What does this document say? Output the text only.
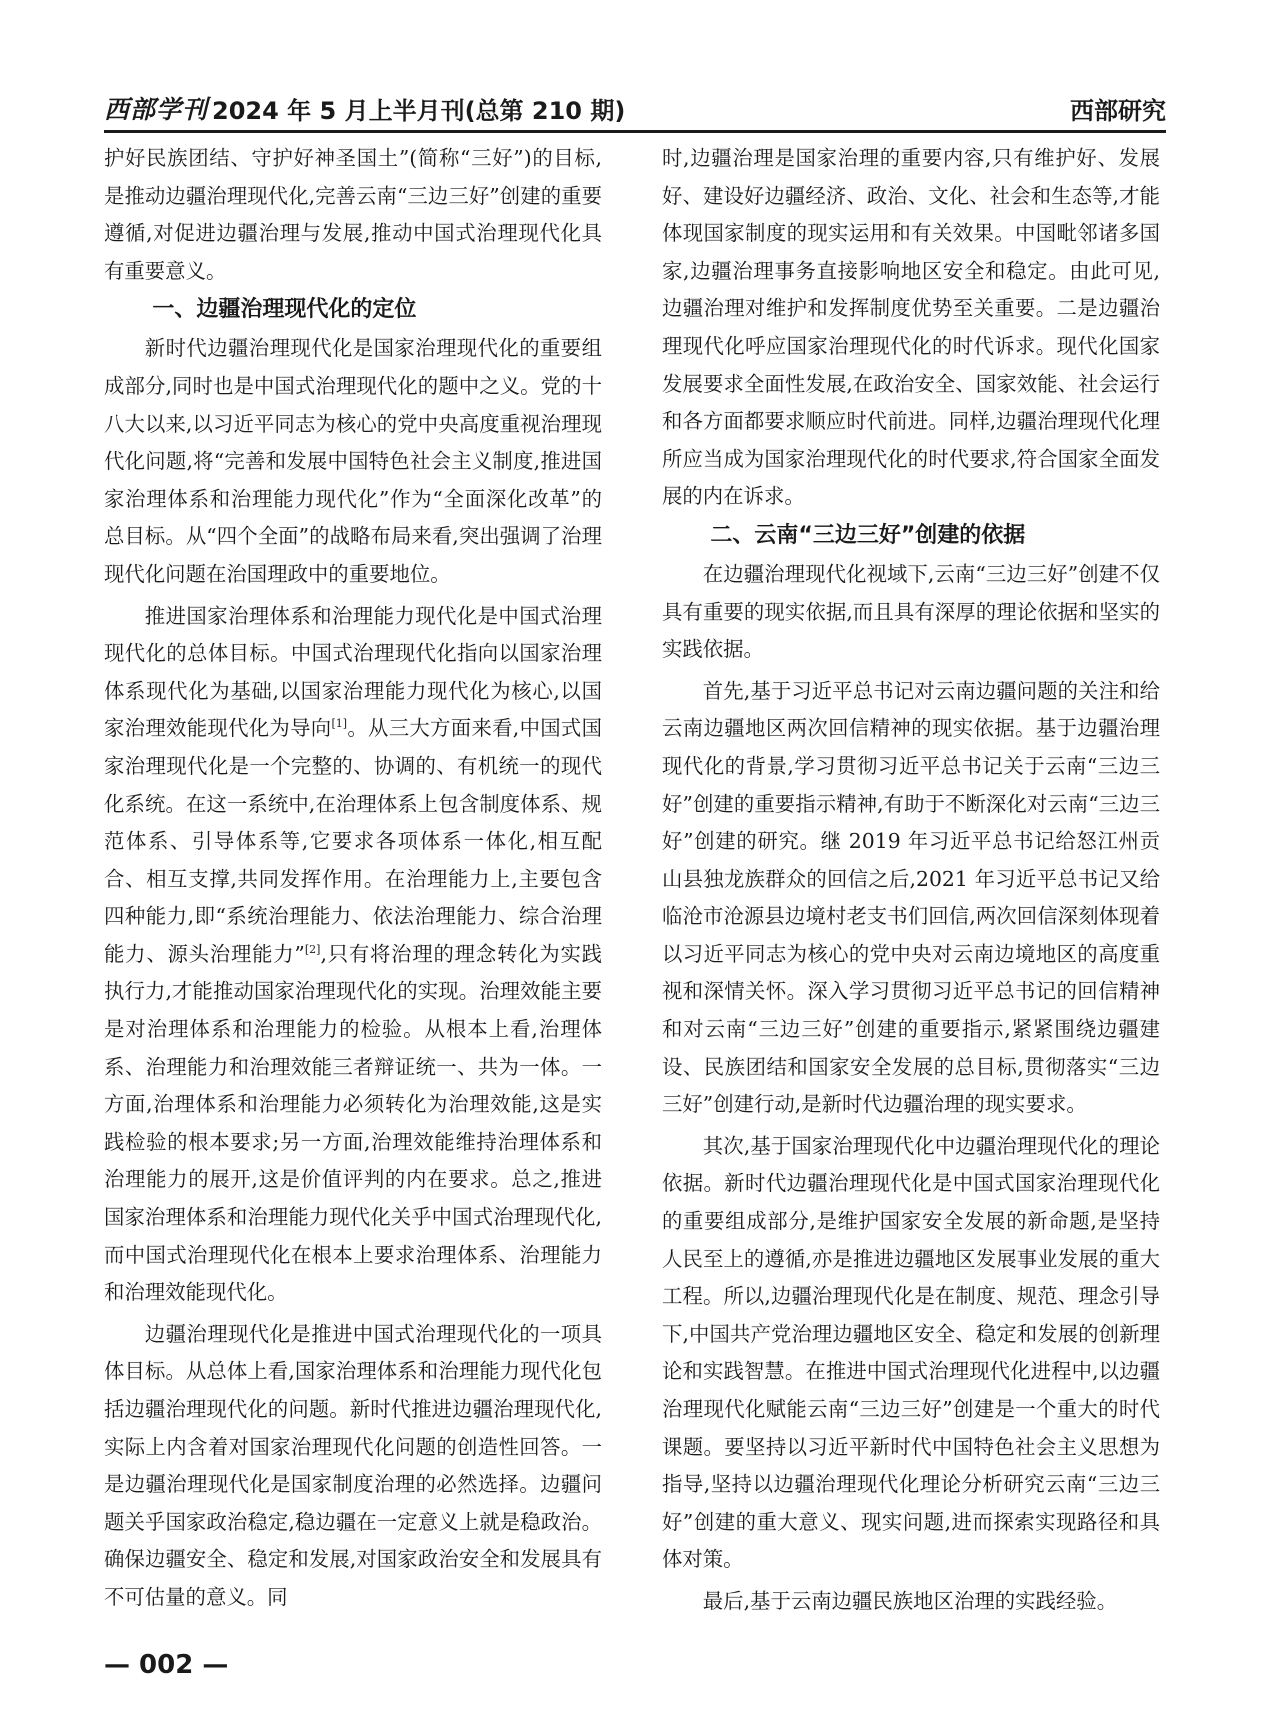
西部学刊 2024 年 5 月上半月刊(总第 210 期)	西部研究

护好民族团结、守护好神圣国土”(简称“三好”)的目标,是推动边疆治理现代化,完善云南“三边三好”创建的重要遵循,对促进边疆治理与发展,推动中国式治理现代化具有重要意义。

一、边疆治理现代化的定位

新时代边疆治理现代化是国家治理现代化的重要组成部分,同时也是中国式治理现代化的题中之义。党的十八大以来,以习近平同志为核心的党中央高度重视治理现代化问题,将“完善和发展中国特色社会主义制度,推进国家治理体系和治理能力现代化”作为“全面深化改革”的总目标。从“四个全面”的战略布局来看,突出强调了治理现代化问题在治国理政中的重要地位。

推进国家治理体系和治理能力现代化是中国式治理现代化的总体目标。中国式治理现代化指向以国家治理体系现代化为基础,以国家治理能力现代化为核心,以国家治理效能现代化为导向[1]。从三大方面来看,中国式国家治理现代化是一个完整的、协调的、有机统一的现代化系统。在这一系统中,在治理体系上包含制度体系、规范体系、引导体系等,它要求各项体系一体化,相互配合、相互支撑,共同发挥作用。在治理能力上,主要包含四种能力,即“系统治理能力、依法治理能力、综合治理能力、源头治理能力”[2],只有将治理的理念转化为实践执行力,才能推动国家治理现代化的实现。治理效能主要是对治理体系和治理能力的检验。从根本上看,治理体系、治理能力和治理效能三者辩证统一、共为一体。一方面,治理体系和治理能力必须转化为治理效能,这是实践检验的根本要求;另一方面,治理效能维持治理体系和治理能力的展开,这是价值评判的内在要求。总之,推进国家治理体系和治理能力现代化关乎中国式治理现代化,而中国式治理现代化在根本上要求治理体系、治理能力和治理效能现代化。

边疆治理现代化是推进中国式治理现代化的一项具体目标。从总体上看,国家治理体系和治理能力现代化包括边疆治理现代化的问题。新时代推进边疆治理现代化,实际上内含着对国家治理现代化问题的创造性回答。一是边疆治理现代化是国家制度治理的必然选择。边疆问题关乎国家政治稳定,稳边疆在一定意义上就是稳政治。确保边疆安全、稳定和发展,对国家政治安全和发展具有不可估量的意义。同

时,边疆治理是国家治理的重要内容,只有维护好、发展好、建设好边疆经济、政治、文化、社会和生态等,才能体现国家制度的现实运用和有关效果。中国毗邻诸多国家,边疆治理事务直接影响地区安全和稳定。由此可见,边疆治理对维护和发挥制度优势至关重要。二是边疆治理现代化呼应国家治理现代化的时代诉求。现代化国家发展要求全面性发展,在政治安全、国家效能、社会运行和各方面都要求顺应时代前进。同样,边疆治理现代化理所应当成为国家治理现代化的时代要求,符合国家全面发展的内在诉求。

二、云南“三边三好”创建的依据

在边疆治理现代化视域下,云南“三边三好”创建不仅具有重要的现实依据,而且具有深厚的理论依据和坚实的实践依据。

首先,基于习近平总书记对云南边疆问题的关注和给云南边疆地区两次回信精神的现实依据。基于边疆治理现代化的背景,学习贯彻习近平总书记关于云南“三边三好”创建的重要指示精神,有助于不断深化对云南“三边三好”创建的研究。继 2019 年习近平总书记给怒江州贡山县独龙族群众的回信之后,2021 年习近平总书记又给临沧市沧源县边境村老支书们回信,两次回信深刻体现着以习近平同志为核心的党中央对云南边境地区的高度重视和深情关怀。深入学习贯彻习近平总书记的回信精神和对云南“三边三好”创建的重要指示,紧紧围绕边疆建设、民族团结和国家安全发展的总目标,贯彻落实“三边三好”创建行动,是新时代边疆治理的现实要求。

其次,基于国家治理现代化中边疆治理现代化的理论依据。新时代边疆治理现代化是中国式国家治理现代化的重要组成部分,是维护国家安全发展的新命题,是坚持人民至上的遵循,亦是推进边疆地区发展事业发展的重大工程。所以,边疆治理现代化是在制度、规范、理念引导下,中国共产党治理边疆地区安全、稳定和发展的创新理论和实践智慧。在推进中国式治理现代化进程中,以边疆治理现代化赋能云南“三边三好”创建是一个重大的时代课题。要坚持以习近平新时代中国特色社会主义思想为指导,坚持以边疆治理现代化理论分析研究云南“三边三好”创建的重大意义、现实问题,进而探索实现路径和具体对策。

最后,基于云南边疆民族地区治理的实践经验。

— 002 —
